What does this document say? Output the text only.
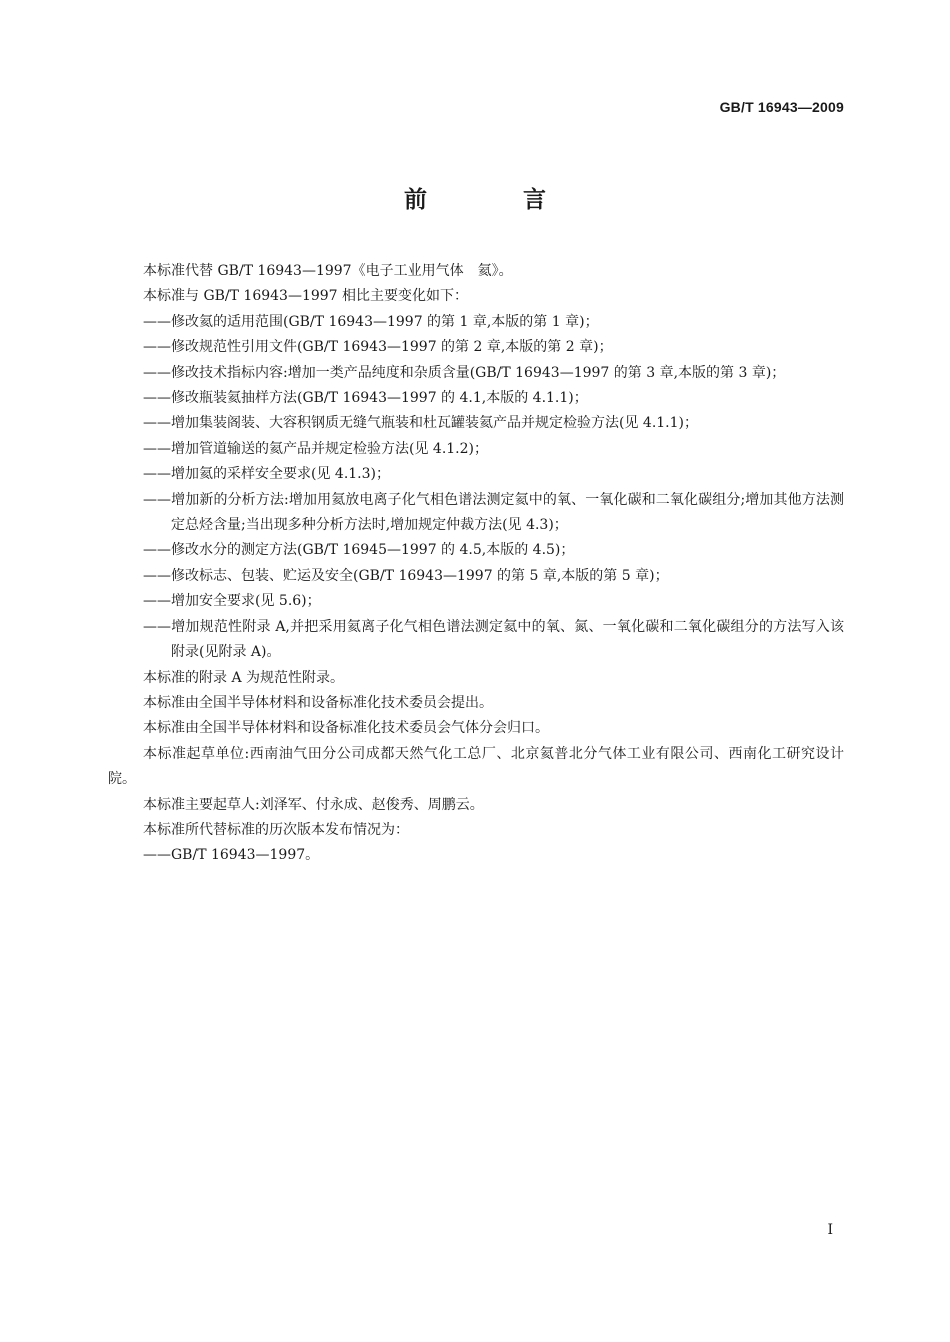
GB/T 16943—2009
前 言

本标准代替 GB/T 16943—1997《电子工业用气体　氦》。

本标准与 GB/T 16943—1997 相比主要变化如下：

——修改氦的适用范围(GB/T 16943—1997 的第 1 章,本版的第 1 章)；

——修改规范性引用文件(GB/T 16943—1997 的第 2 章,本版的第 2 章)；

——修改技术指标内容:增加一类产品纯度和杂质含量(GB/T 16943—1997 的第 3 章,本版的第 3 章)；

——修改瓶装氦抽样方法(GB/T 16943—1997 的 4.1,本版的 4.1.1)；

——增加集装阁装、大容积钢质无缝气瓶装和杜瓦罐装氦产品并规定检验方法(见 4.1.1)；

——增加管道输送的氦产品并规定检验方法(见 4.1.2)；

——增加氦的采样安全要求(见 4.1.3)；

——增加新的分析方法:增加用氦放电离子化气相色谱法测定氦中的氧、一氧化碳和二氧化碳组分;增加其他方法测定总烃含量;当出现多种分析方法时,增加规定仲裁方法(见 4.3)；

——修改水分的测定方法(GB/T 16945—1997 的 4.5,本版的 4.5)；

——修改标志、包装、贮运及安全(GB/T 16943—1997 的第 5 章,本版的第 5 章)；

——增加安全要求(见 5.6)；

——增加规范性附录 A,并把采用氦离子化气相色谱法测定氦中的氧、氮、一氧化碳和二氧化碳组分的方法写入该附录(见附录 A)。

本标准的附录 A 为规范性附录。

本标准由全国半导体材料和设备标准化技术委员会提出。

本标准由全国半导体材料和设备标准化技术委员会气体分会归口。

本标准起草单位:西南油气田分公司成都天然气化工总厂、北京氦普北分气体工业有限公司、西南化工研究设计院。

本标准主要起草人:刘泽军、付永成、赵俊秀、周鹏云。

本标准所代替标准的历次版本发布情况为：

——GB/T 16943—1997。

I
